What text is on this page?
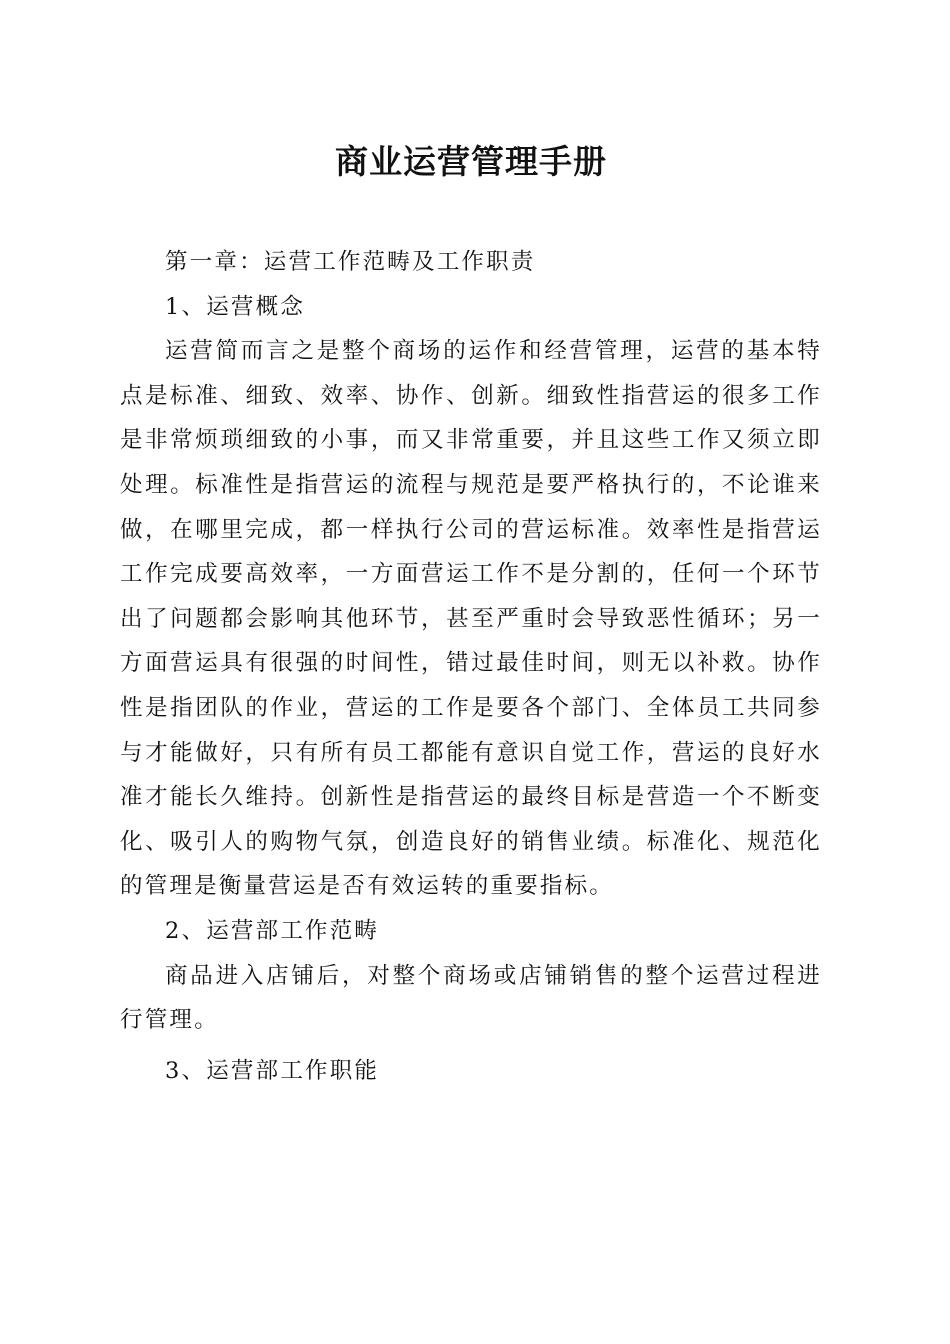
商业运营管理手册

第一章：运营工作范畴及工作职责

1、运营概念

运营简而言之是整个商场的运作和经营管理，运营的基本特点是标准、细致、效率、协作、创新。细致性指营运的很多工作是非常烦琐细致的小事，而又非常重要，并且这些工作又须立即处理。标准性是指营运的流程与规范是要严格执行的，不论谁来做，在哪里完成，都一样执行公司的营运标准。效率性是指营运工作完成要高效率，一方面营运工作不是分割的，任何一个环节出了问题都会影响其他环节，甚至严重时会导致恶性循环；另一方面营运具有很强的时间性，错过最佳时间，则无以补救。协作性是指团队的作业，营运的工作是要各个部门、全体员工共同参与才能做好，只有所有员工都能有意识自觉工作，营运的良好水准才能长久维持。创新性是指营运的最终目标是营造一个不断变化、吸引人的购物气氛，创造良好的销售业绩。标准化、规范化的管理是衡量营运是否有效运转的重要指标。

2、运营部工作范畴

商品进入店铺后，对整个商场或店铺销售的整个运营过程进行管理。

3、运营部工作职能
